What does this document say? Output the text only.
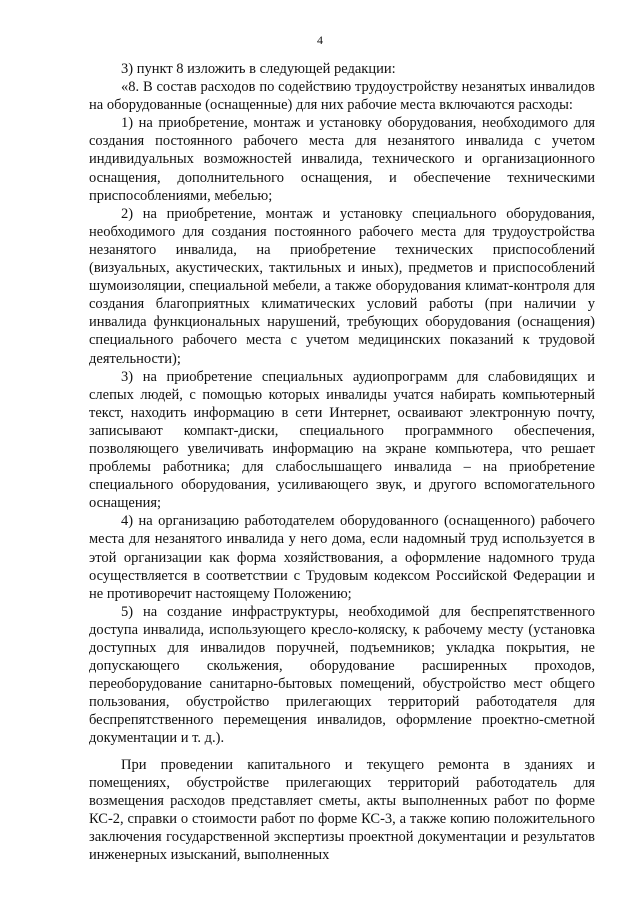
4

3) пункт 8 изложить в следующей редакции:

«8. В состав расходов по содействию трудоустройству незанятых инвалидов на оборудованные (оснащенные) для них рабочие места включаются расходы:

1) на приобретение, монтаж и установку оборудования, необходимого для создания постоянного рабочего места для незанятого инвалида с учетом индивидуальных возможностей инвалида, технического и организационного оснащения, дополнительного оснащения, и обеспечение техническими приспособлениями, мебелью;

2) на приобретение, монтаж и установку специального оборудования, необходимого для создания постоянного рабочего места для трудоустройства незанятого инвалида, на приобретение технических приспособлений (визуальных, акустических, тактильных и иных), предметов и приспособлений шумоизоляции, специальной мебели, а также оборудования климат-контроля для создания благоприятных климатических условий работы (при наличии у инвалида функциональных нарушений, требующих оборудования (оснащения) специального рабочего места с учетом медицинских показаний к трудовой деятельности);

3) на приобретение специальных аудиопрограмм для слабовидящих и слепых людей, с помощью которых инвалиды учатся набирать компьютерный текст, находить информацию в сети Интернет, осваивают электронную почту, записывают компакт-диски, специального программного обеспечения, позволяющего увеличивать информацию на экране компьютера, что решает проблемы работника; для слабослышащего инвалида – на приобретение специального оборудования, усиливающего звук, и другого вспомогательного оснащения;

4) на организацию работодателем оборудованного (оснащенного) рабочего места для незанятого инвалида у него дома, если надомный труд используется в этой организации как форма хозяйствования, а оформление надомного труда осуществляется в соответствии с Трудовым кодексом Российской Федерации и не противоречит настоящему Положению;

5) на создание инфраструктуры, необходимой для беспрепятственного доступа инвалида, использующего кресло-коляску, к рабочему месту (установка доступных для инвалидов поручней, подъемников; укладка покрытия, не допускающего скольжения, оборудование расширенных проходов, переоборудование санитарно-бытовых помещений, обустройство мест общего пользования, обустройство прилегающих территорий работодателя для беспрепятственного перемещения инвалидов, оформление проектно-сметной документации и т. д.).

При проведении капитального и текущего ремонта в зданиях и помещениях, обустройстве прилегающих территорий работодатель для возмещения расходов представляет сметы, акты выполненных работ по форме КС-2, справки о стоимости работ по форме КС-3, а также копию положительного заключения государственной экспертизы проектной документации и результатов инженерных изысканий, выполненных
